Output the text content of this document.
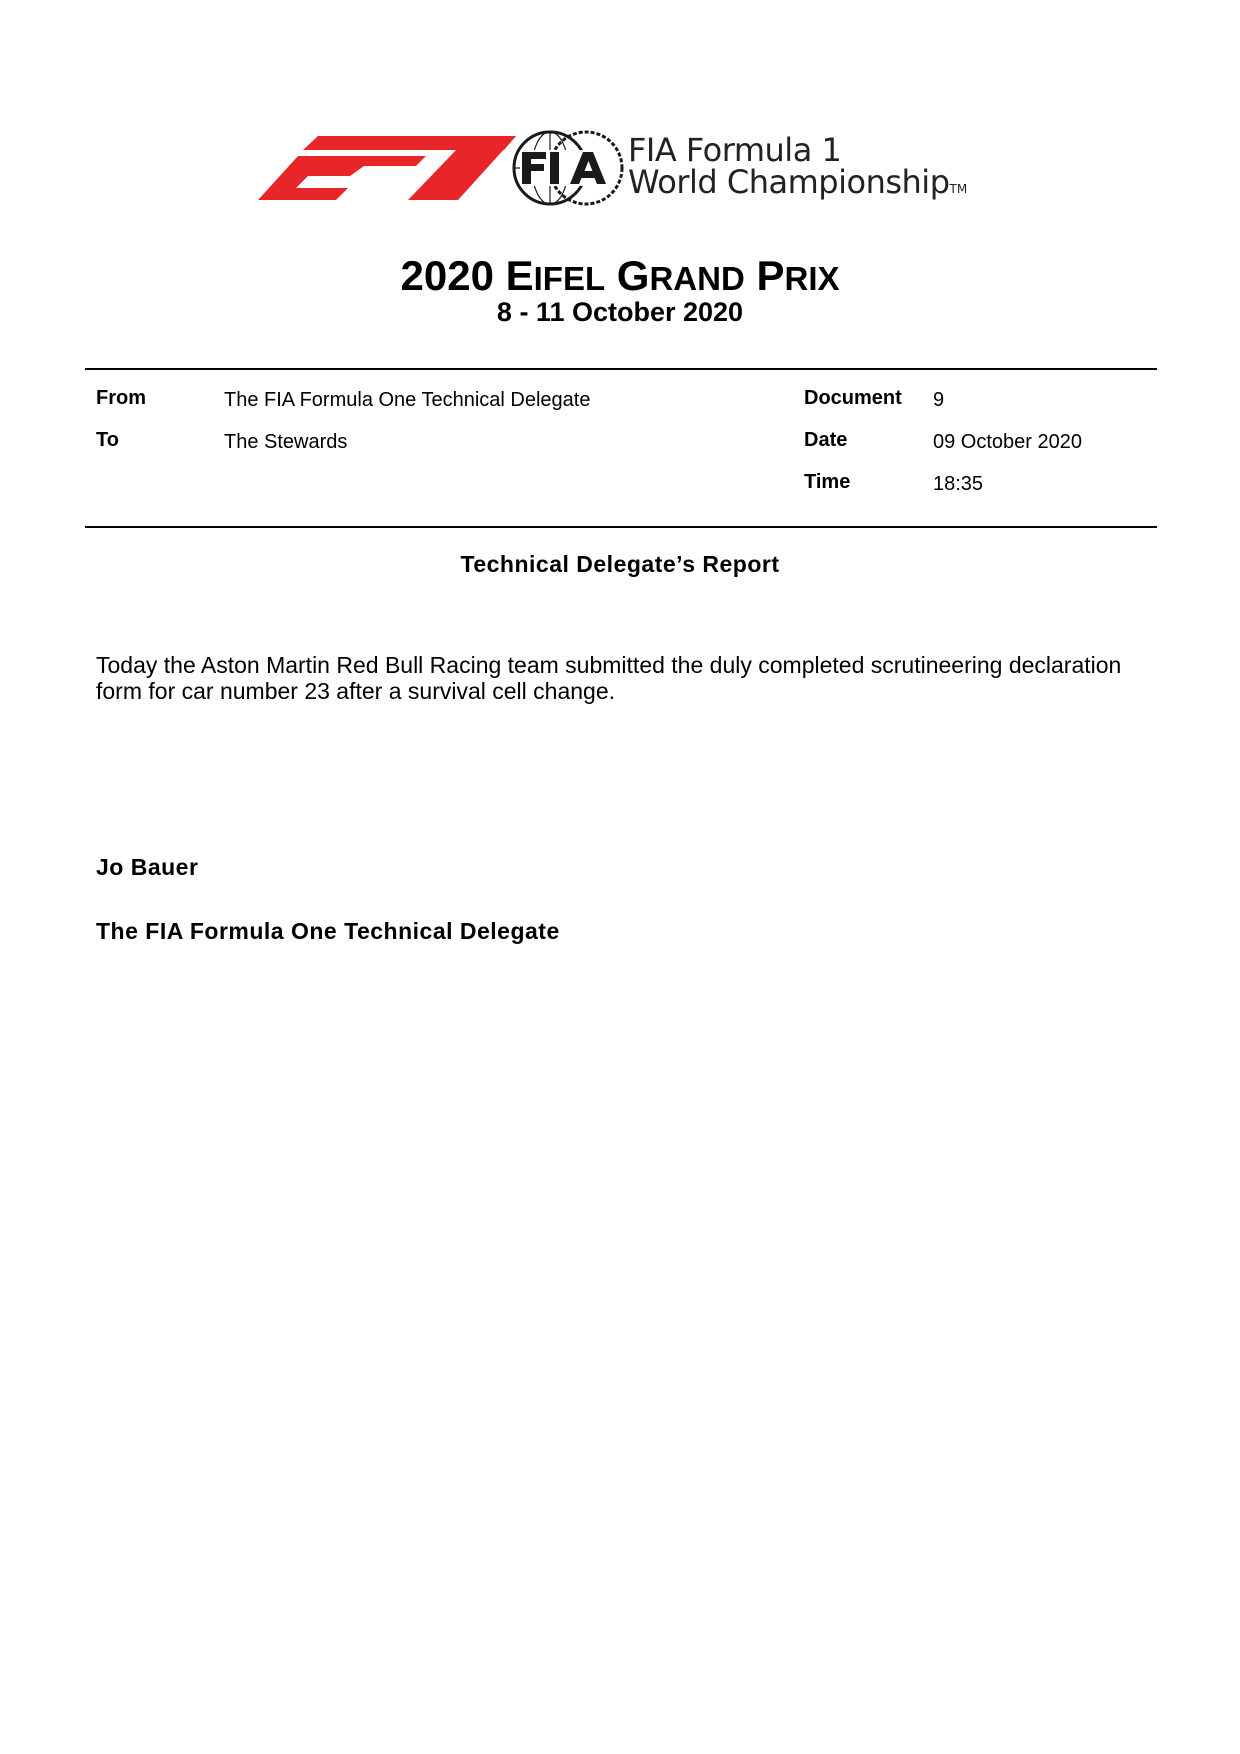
FIA Formula 1
World ChampionshipTM
2020 EIFEL GRAND PRIX
8 - 11 October 2020
From	The FIA Formula One Technical Delegate
To	The Stewards
Document 9
Date	09 October 2020
Time	18:35
Technical Delegate’s Report

Today the Aston Martin Red Bull Racing team submitted the duly completed scrutineering declaration form for car number 23 after a survival cell change.

Jo Bauer
The FIA Formula One Technical Delegate
